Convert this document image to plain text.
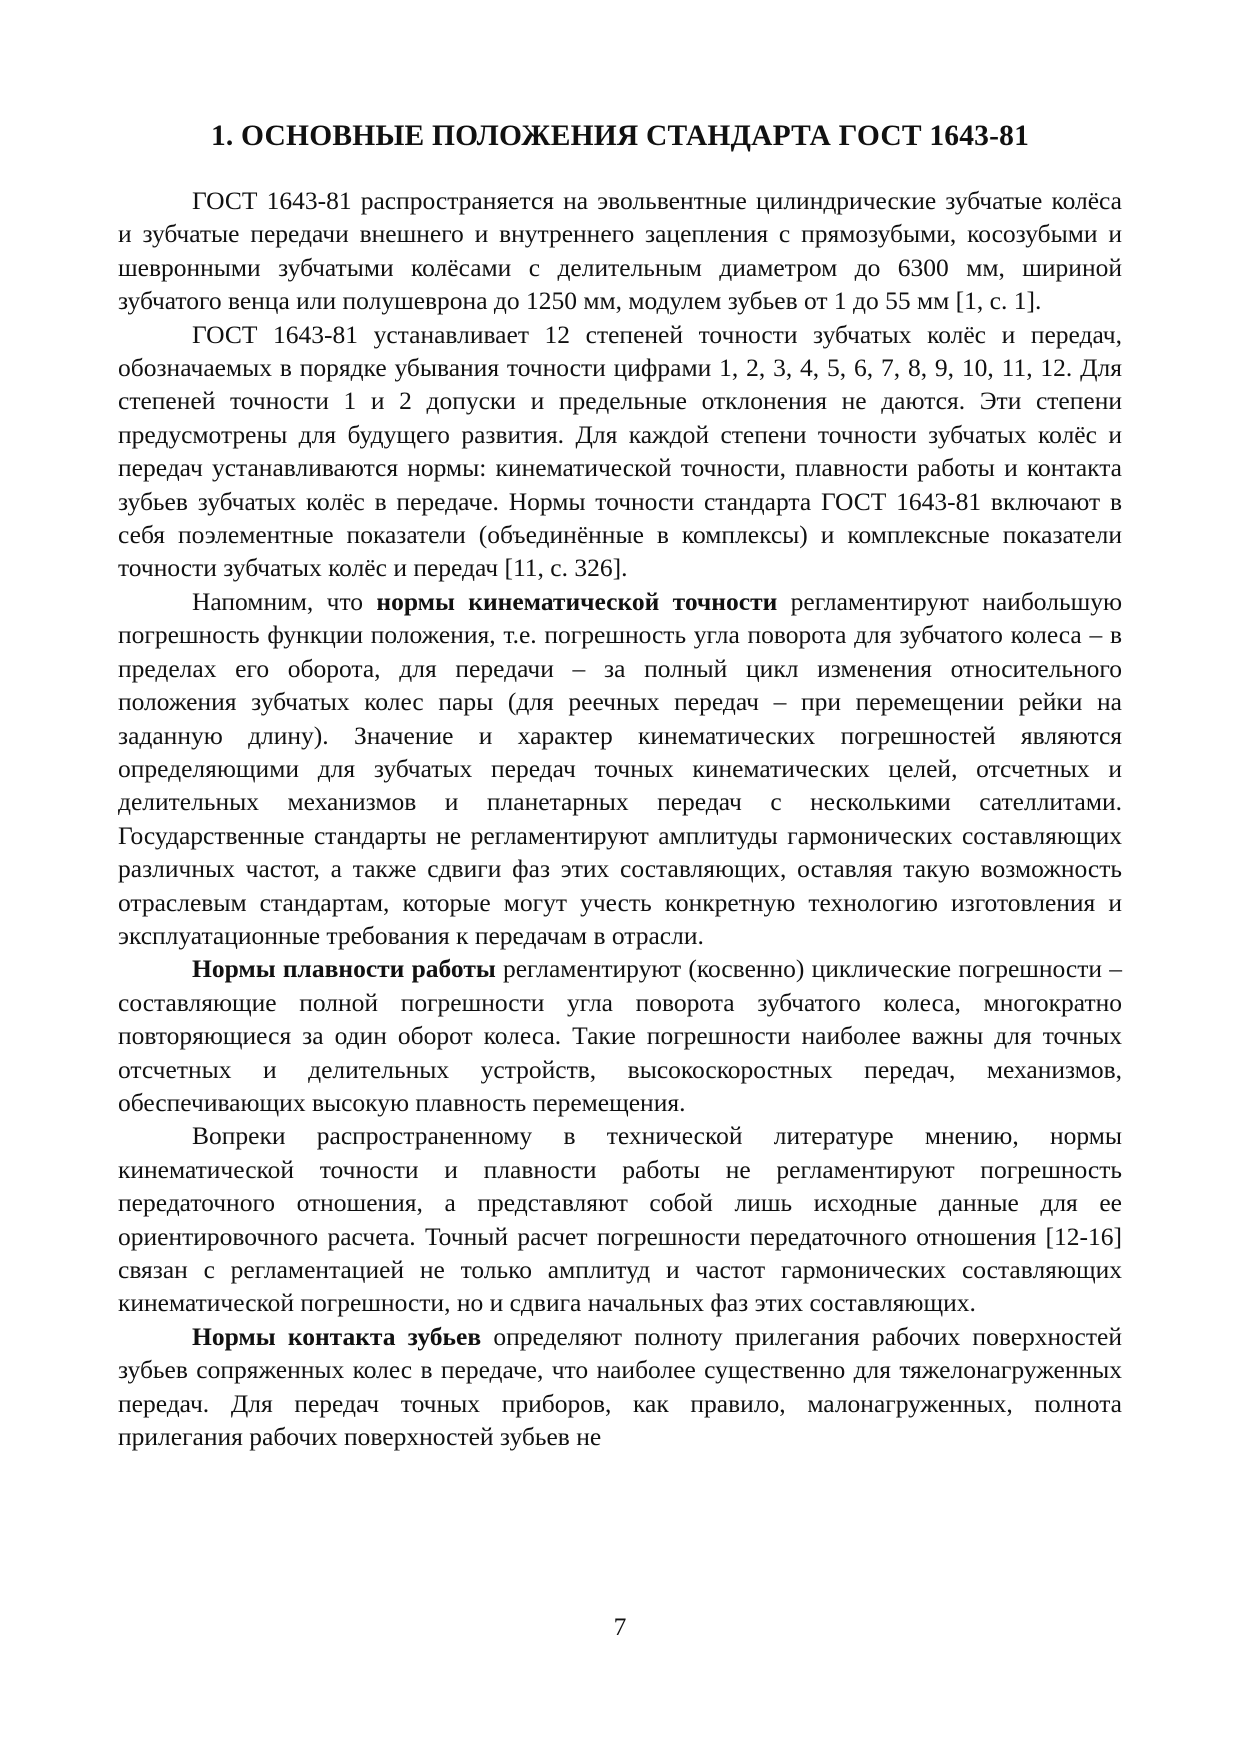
1. ОСНОВНЫЕ ПОЛОЖЕНИЯ СТАНДАРТА ГОСТ 1643-81

ГОСТ 1643-81 распространяется на эвольвентные цилиндрические зубчатые колёса и зубчатые передачи внешнего и внутреннего зацепления с прямозубыми, косозубыми и шевронными зубчатыми колёсами с делительным диаметром до 6300 мм, шириной зубчатого венца или полушеврона до 1250 мм, модулем зубьев от 1 до 55 мм [1, с. 1].

ГОСТ 1643-81 устанавливает 12 степеней точности зубчатых колёс и передач, обозначаемых в порядке убывания точности цифрами 1, 2, 3, 4, 5, 6, 7, 8, 9, 10, 11, 12. Для степеней точности 1 и 2 допуски и предельные отклонения не даются. Эти степени предусмотрены для будущего развития. Для каждой степени точности зубчатых колёс и передач устанавливаются нормы: кинематической точности, плавности работы и контакта зубьев зубчатых колёс в передаче. Нормы точности стандарта ГОСТ 1643-81 включают в себя поэлементные показатели (объединённые в комплексы) и комплексные показатели точности зубчатых колёс и передач [11, с. 326].

Напомним, что нормы кинематической точности регламентируют наибольшую погрешность функции положения, т.е. погрешность угла поворота для зубчатого колеса – в пределах его оборота, для передачи – за полный цикл изменения относительного положения зубчатых колес пары (для реечных передач – при перемещении рейки на заданную длину). Значение и характер кинематических погрешностей являются определяющими для зубчатых передач точных кинематических целей, отсчетных и делительных механизмов и планетарных передач с несколькими сателлитами. Государственные стандарты не регламентируют амплитуды гармонических составляющих различных частот, а также сдвиги фаз этих составляющих, оставляя такую возможность отраслевым стандартам, которые могут учесть конкретную технологию изготовления и эксплуатационные требования к передачам в отрасли.

Нормы плавности работы регламентируют (косвенно) циклические погрешности – составляющие полной погрешности угла поворота зубчатого колеса, многократно повторяющиеся за один оборот колеса. Такие погрешности наиболее важны для точных отсчетных и делительных устройств, высокоскоростных передач, механизмов, обеспечивающих высокую плавность перемещения.

Вопреки распространенному в технической литературе мнению, нормы кинематической точности и плавности работы не регламентируют погрешность передаточного отношения, а представляют собой лишь исходные данные для ее ориентировочного расчета. Точный расчет погрешности передаточного отношения [12-16] связан с регламентацией не только амплитуд и частот гармонических составляющих кинематической погрешности, но и сдвига начальных фаз этих составляющих.

Нормы контакта зубьев определяют полноту прилегания рабочих поверхностей зубьев сопряженных колес в передаче, что наиболее существенно для тяжелонагруженных передач. Для передач точных приборов, как правило, малонагруженных, полнота прилегания рабочих поверхностей зубьев не

7
